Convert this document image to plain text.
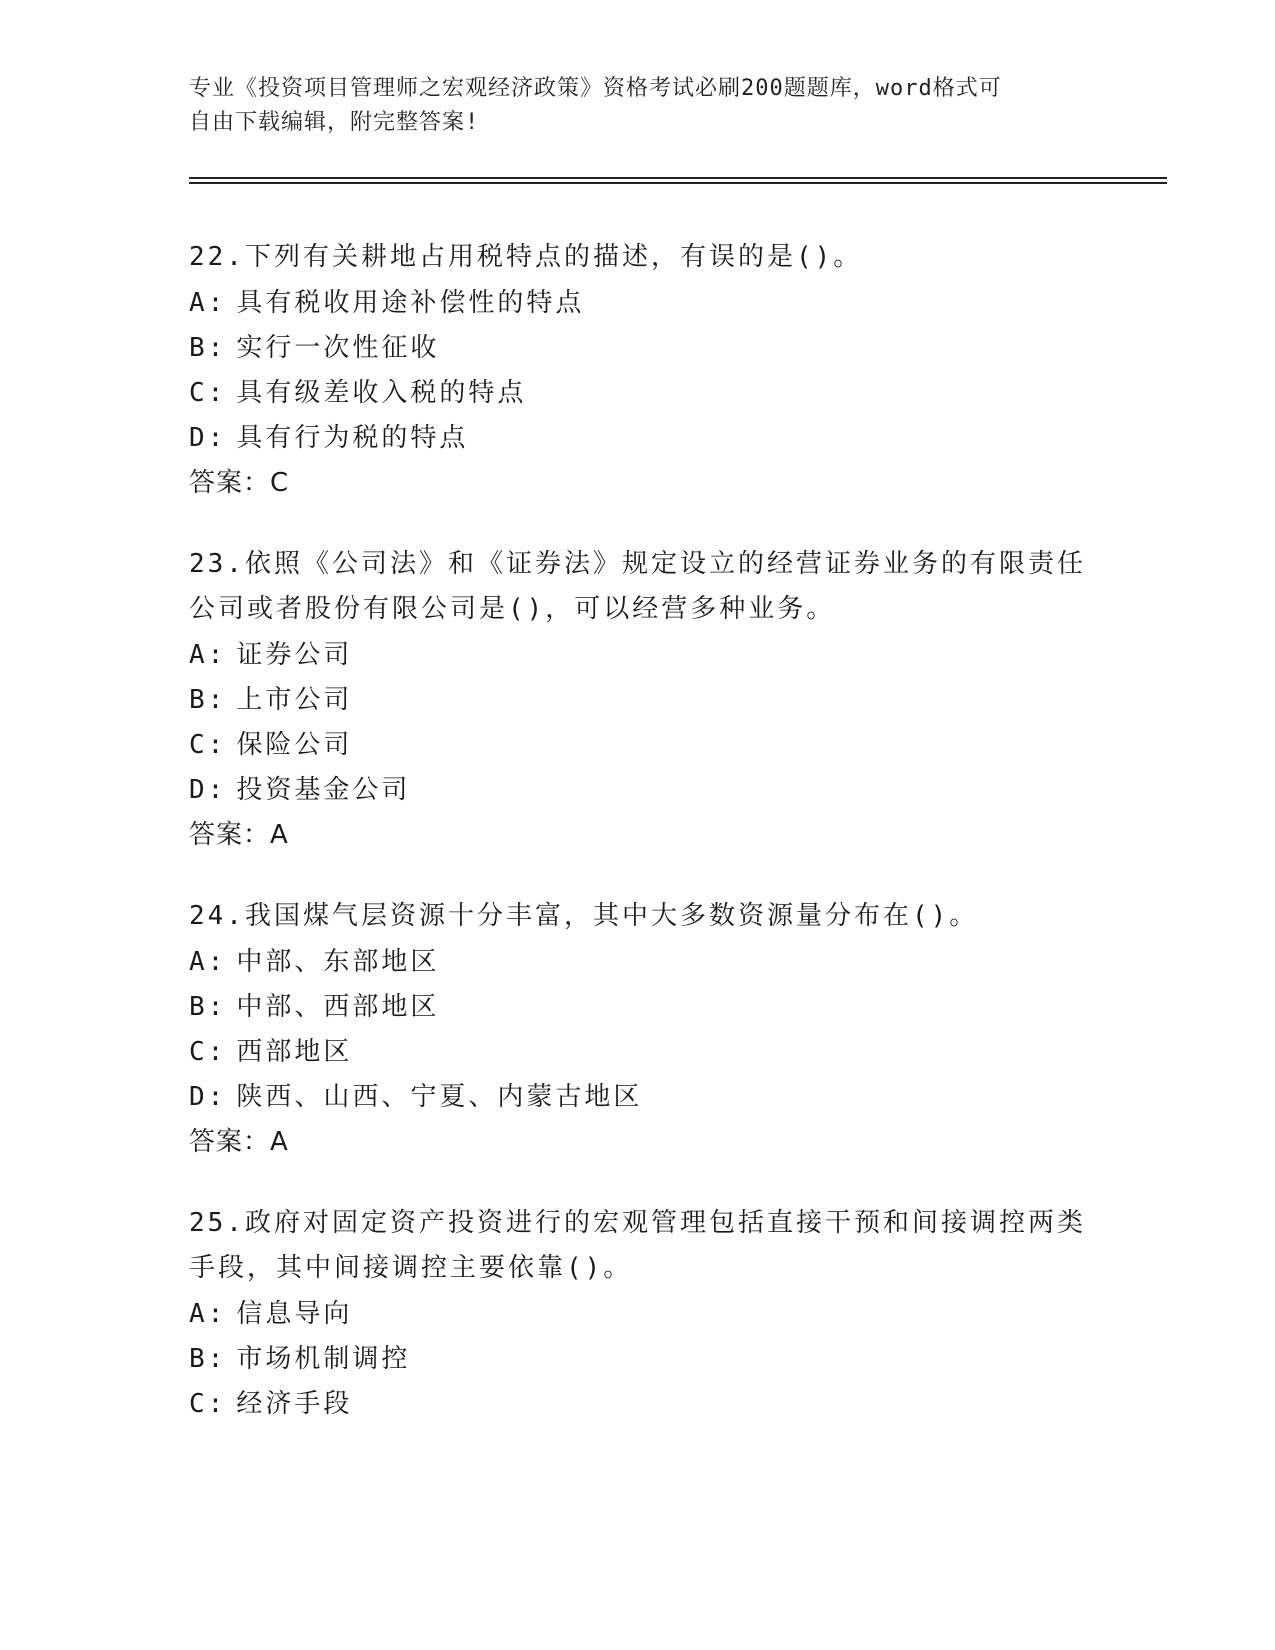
专业《投资项目管理师之宏观经济政策》资格考试必刷200题题库，word格式可
自由下载编辑，附完整答案!
22.下列有关耕地占用税特点的描述，有误的是()。
A: 具有税收用途补偿性的特点
B: 实行一次性征收
C: 具有级差收入税的特点
D: 具有行为税的特点
答案：C
23.依照《公司法》和《证券法》规定设立的经营证券业务的有限责任公司或者股份有限公司是()，可以经营多种业务。
A: 证券公司
B: 上市公司
C: 保险公司
D: 投资基金公司
答案：A
24.我国煤气层资源十分丰富，其中大多数资源量分布在()。
A: 中部、东部地区
B: 中部、西部地区
C: 西部地区
D: 陕西、山西、宁夏、内蒙古地区
答案：A
25.政府对固定资产投资进行的宏观管理包括直接干预和间接调控两类手段，其中间接调控主要依靠()。
A: 信息导向
B: 市场机制调控
C: 经济手段
